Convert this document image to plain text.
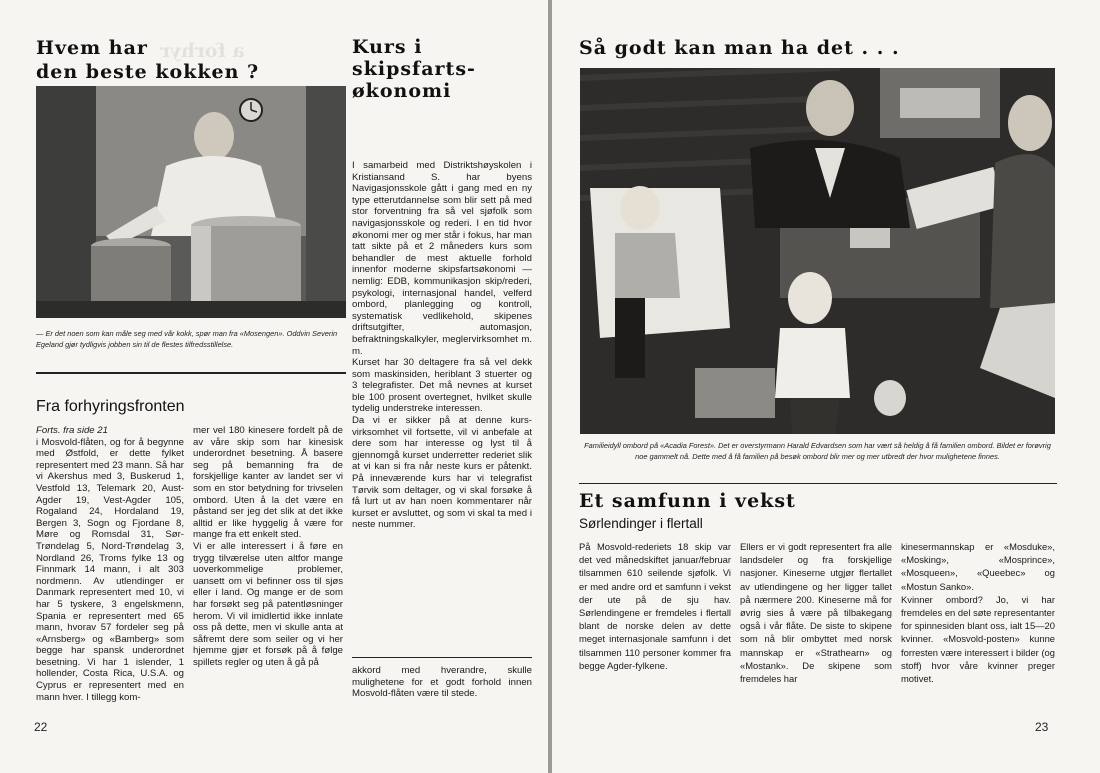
a forhyr
Hvem har
den beste kokken ?
Kurs i
skipsfarts-
økonomi
— Er det noen som kan måle seg med vår kokk, spør man fra «Mosengen». Oddvin Severin Egeland gjør tydligvis jobben sin til de flestes tilfredsstillelse.
Fra forhyringsfronten
Forts. fra side 21
i Mosvold-flåten, og for å begynne med Østfold, er dette fylket representert med 23 mann. Så har vi Akershus med 3, Buskerud 1, Vestfold 13, Telemark 20, Aust-Agder 19, Vest-Agder 105, Rogaland 24, Hordaland 19, Bergen 3, Sogn og Fjordane 8, Møre og Romsdal 31, Sør-Trøndelag 5, Nord-Trøndelag 3, Nordland 26, Troms fylke 13 og Finnmark 14 mann, i alt 303 nordmenn. Av utlendinger er Danmark representert med 10, vi har 5 tyskere, 3 engelskmenn, Spania er representert med 65 mann, hvorav 57 fordeler seg på «Arnsberg» og «Bamberg» som begge har spansk underordnet besetning. Vi har 1 islender, 1 hollender, Costa Rica, U.S.A. og Cyprus er representert med en mann hver. I tillegg kom-
mer vel 180 kinesere fordelt på de av våre skip som har kinesisk underordnet besetning. Å basere seg på bemanning fra de forskjellige kanter av landet ser vi som en stor betydning for trivselen ombord. Uten å la det være en påstand ser jeg det slik at det ikke alltid er like hyggelig å være for mange fra ett enkelt sted.
Vi er alle interessert i å føre en trygg tilværelse uten altfor mange uoverkommelige problemer, uansett om vi befinner oss til sjøs eller i land. Og mange er de som har forsøkt seg på patentløsninger herom. Vi vil imidlertid ikke innlate oss på dette, men vi skulle anta at såfremt dere som seiler og vi her hjemme gjør et forsøk på å følge spillets regler og uten å gå på
I samarbeid med Distriktshøyskolen i Kristiansand S. har byens Navigasjonsskole gått i gang med en ny type etterutdannelse som blir sett på med stor forventning fra så vel sjøfolk som navigasjonsskole og rederi. I en tid hvor økonomi mer og mer står i fokus, har man tatt sikte på et 2 måneders kurs som behandler de mest aktuelle forhold innenfor moderne skipsfartsøkonomi — nemlig: EDB, kommunikasjon skip/rederi, psykologi, internasjonal handel, velferd ombord, planlegging og kontroll, systematisk vedlikehold, skipenes driftsutgifter, automasjon, befraktningskalkyler, meglervirksomhet m. m.
Kurset har 30 deltagere fra så vel dekk som maskinsiden, heriblant 3 stuerter og 3 telegrafister. Det må nevnes at kurset ble 100 prosent overtegnet, hvilket skulle tydelig understreke interessen.
Da vi er sikker på at denne kurs-virksomhet vil fortsette, vil vi anbefale at dere som har interesse og lyst til å gjennomgå kurset underretter rederiet slik at vi kan si fra når neste kurs er påtenkt. På inneværende kurs har vi telegrafist Tørvik som deltager, og vi skal forsøke å få lurt ut av han noen kommentarer når kurset er avsluttet, og som vi skal ta med i neste nummer.
akkord med hverandre, skulle mulighetene for et godt forhold innen Mosvold-flåten være til stede.
22
Så godt kan man ha det . . .
Familieidyll ombord på «Acadia Forest». Det er overstyrmann Harald Edvardsen som har vært så heldig å få familien ombord. Bildet er forøvrig noe gammelt nå. Dette med å få familien på besøk ombord blir mer og mer utbredt der hvor mulighetene finnes.
Et samfunn i vekst
Sørlendinger i flertall
På Mosvold-rederiets 18 skip var det ved månedskiftet januar/februar tilsammen 610 seilende sjøfolk. Vi er med andre ord et samfunn i vekst der ute på de sju hav. Sørlendingene er fremdeles i flertall blant de norske delen av dette meget internasjonale samfunn i det tilsammen 110 personer kommer fra begge Agder-fylkene.
Ellers er vi godt representert fra alle landsdeler og fra forskjellige nasjoner. Kineserne utgjør flertallet av utlendingene og her ligger tallet på nærmere 200. Kineserne må for øvrig sies å være på tilbakegang også i vår flåte. De siste to skipene som nå blir ombyttet med norsk mannskap er «Strathearn» og «Mostank». De skipene som fremdeles har
kinesermannskap er «Mosduke», «Mosking», «Mosprince», «Mosqueen», «Queebec» og «Mostun Sanko».
Kvinner ombord? Jo, vi har fremdeles en del søte representanter for spinnesiden blant oss, ialt 15—20 kvinner. «Mosvold-posten» kunne forresten være interessert i bilder (og stoff) hvor våre kvinner preger motivet.
23
